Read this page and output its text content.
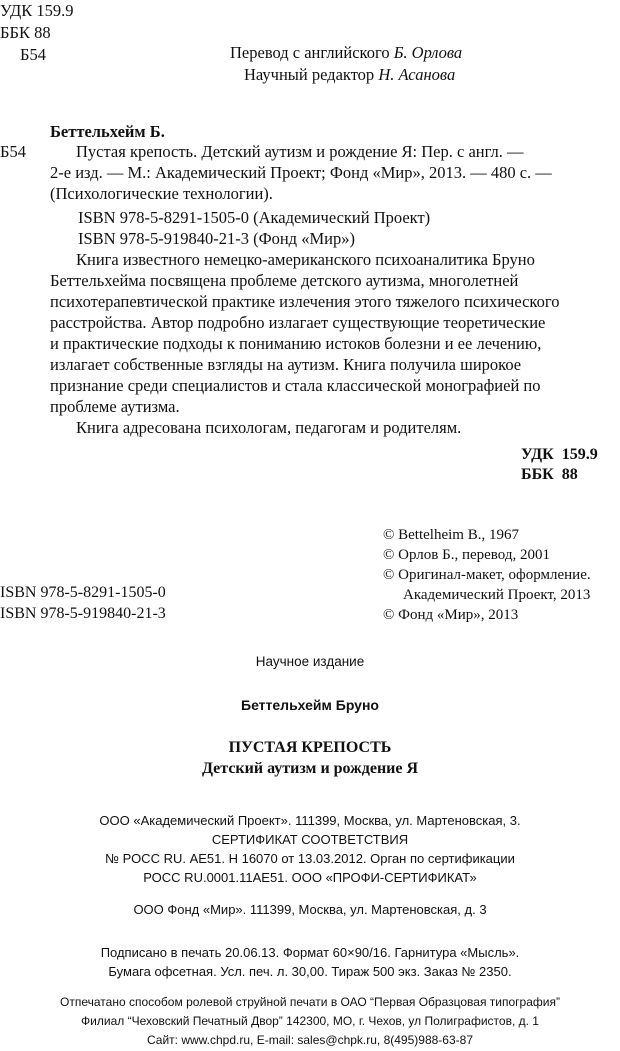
УДК 159.9
ББК 88
Б54	Перевод с английского Б. Орлова
Научный редактор Н. Асанова
Беттельхейм Б.
Б54	Пустая крепость. Детский аутизм и рождение Я: Пер. с англ. —

2-е изд. — М.: Академический Проект; Фонд «Мир», 2013. — 480 с. —

(Психологические технологии).

ISBN 978-5-8291-1505-0 (Академический Проект)

ISBN 978-5-919840-21-3 (Фонд «Мир»)

Книга известного немецко-американского психоаналитика Бруно

Беттельхейма посвящена проблеме детского аутизма, многолетней

психотерапевтической практике излечения этого тяжелого психического

расстройства. Автор подробно излагает существующие теоретические

и практические подходы к пониманию истоков болезни и ее лечению,

излагает собственные взгляды на аутизм. Книга получила широкое

признание среди специалистов и стала классической монографией по

проблеме аутизма.

Книга адресована психологам, педагогам и родителям.

УДК  159.9
ББК  88

ISBN 978-5-8291-1505-0

ISBN 978-5-919840-21-3

© Bettelheim B., 1967

© Орлов Б., перевод, 2001

© Оригинал-макет, оформление.

Академический Проект, 2013

© Фонд «Мир», 2013

Научное издание
Беттельхейм Бруно
ПУСТАЯ КРЕПОСТЬ
Детский аутизм и рождение Я

ООО «Академический Проект». 111399, Москва, ул. Мартеновская, 3.

СЕРТИФИКАТ СООТВЕТСТВИЯ

№ РОСС RU. АЕ51. Н 16070 от 13.03.2012. Орган по сертификации

РОСС RU.0001.11АЕ51. ООО «ПРОФИ-СЕРТИФИКАТ»

ООО Фонд «Мир». 111399, Москва, ул. Мартеновская, д. 3

Подписано в печать 20.06.13. Формат 60×90/16. Гарнитура «Мысль».

Бумага офсетная. Усл. печ. л. 30,00. Тираж 500 экз. Заказ № 2350.

Отпечатано способом ролевой струйной печати в ОАО “Первая Образцовая типография”

Филиал “Чеховский Печатный Двор” 142300, МО, г. Чехов, ул Полиграфистов, д. 1

Сайт: www.chpd.ru, E-mail: sales@chpk.ru, 8(495)988-63-87
